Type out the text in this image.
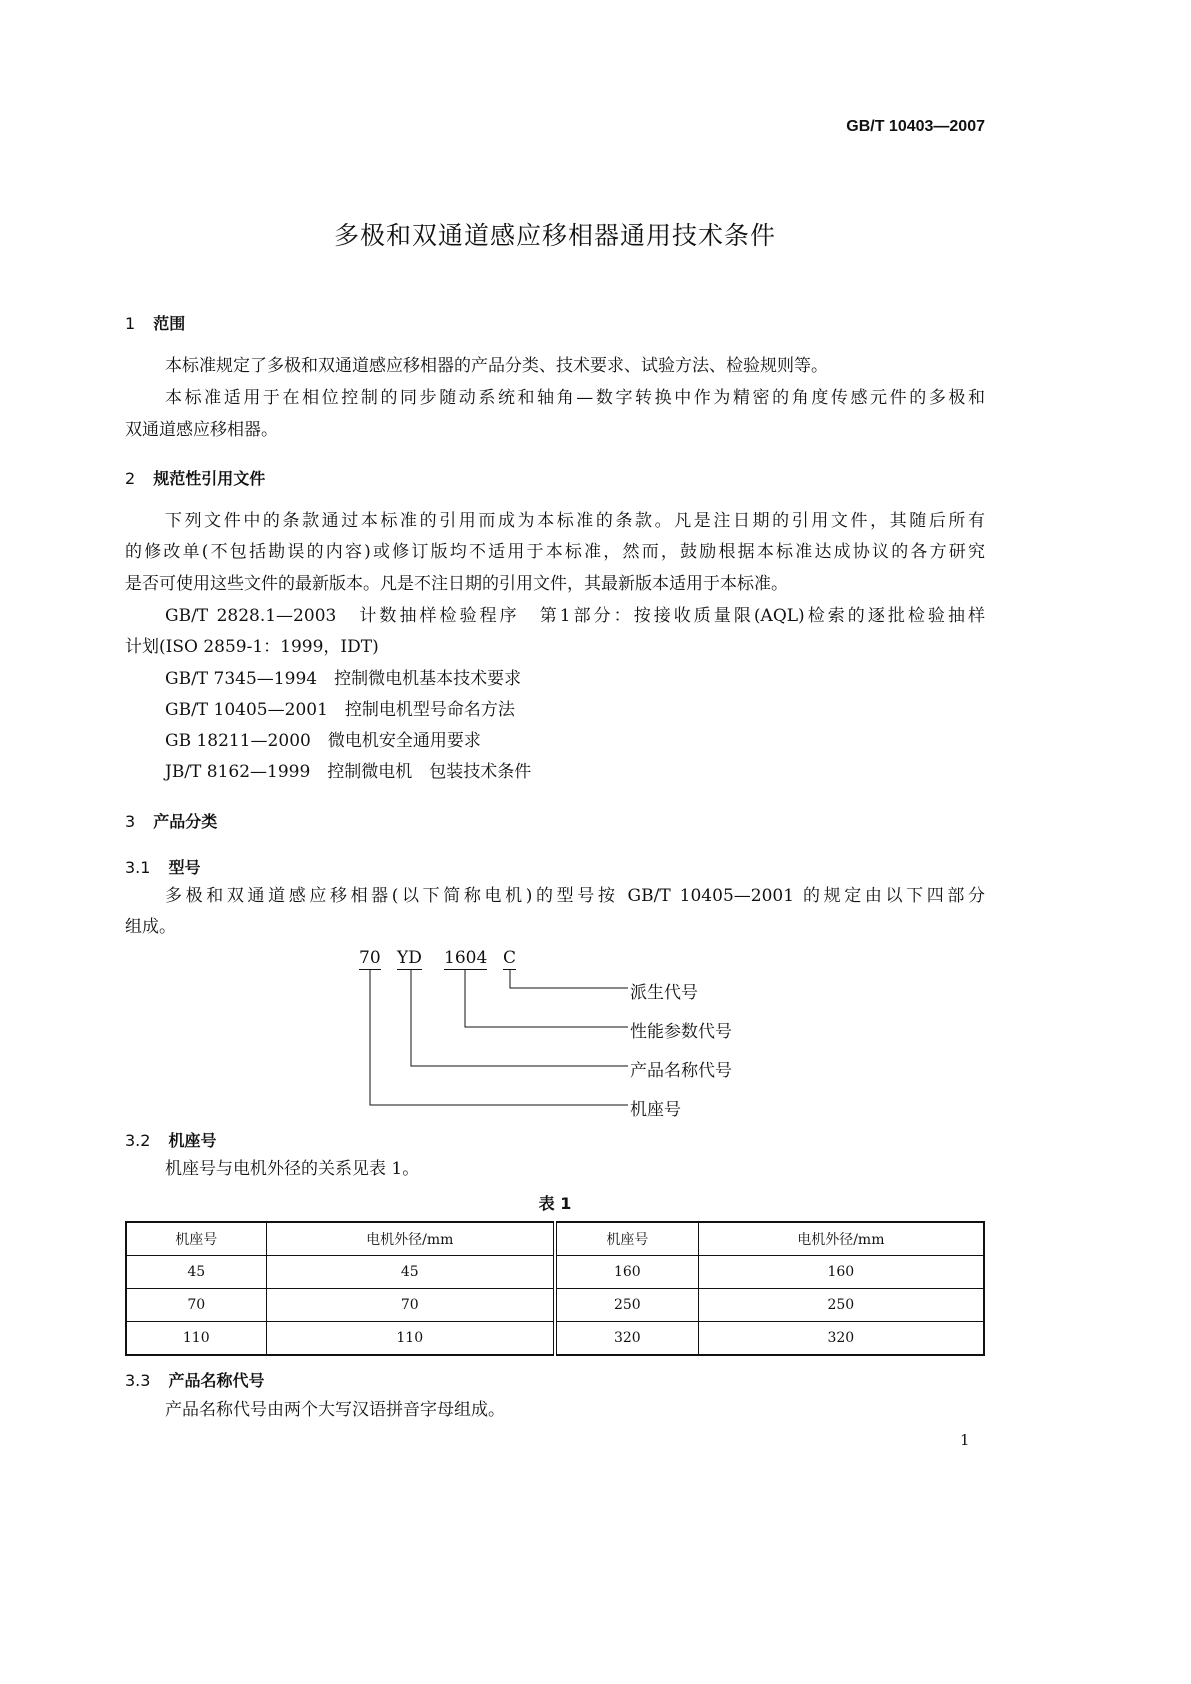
GB/T 10403—2007
多极和双通道感应移相器通用技术条件
1 范围
本标准规定了多极和双通道感应移相器的产品分类、技术要求、试验方法、检验规则等。
本标准适用于在相位控制的同步随动系统和轴角—数字转换中作为精密的角度传感元件的多极和
双通道感应移相器。
2 规范性引用文件
下列文件中的条款通过本标准的引用而成为本标准的条款。凡是注日期的引用文件，其随后所有
的修改单(不包括勘误的内容)或修订版均不适用于本标准，然而，鼓励根据本标准达成协议的各方研究
是否可使用这些文件的最新版本。凡是不注日期的引用文件，其最新版本适用于本标准。
GB/T 2828.1—2003　计数抽样检验程序　第1部分：按接收质量限(AQL)检索的逐批检验抽样
计划(ISO 2859-1：1999，IDT)
GB/T 7345—1994　控制微电机基本技术要求
GB/T 10405—2001　控制电机型号命名方法
GB 18211—2000　微电机安全通用要求
JB/T 8162—1999　控制微电机　包装技术条件
3 产品分类
3.1 型号
多极和双通道感应移相器(以下简称电机)的型号按 GB/T 10405—2001 的规定由以下四部分
组成。
70 YD 1604 C
派生代号
性能参数代号
产品名称代号
机座号
3.2 机座号
机座号与电机外径的关系见表 1。
表 1
机座号	电机外径/mm	机座号	电机外径/mm
45	45	160	160
70	70	250	250
110	110	320	320
3.3 产品名称代号
产品名称代号由两个大写汉语拼音字母组成。
1
